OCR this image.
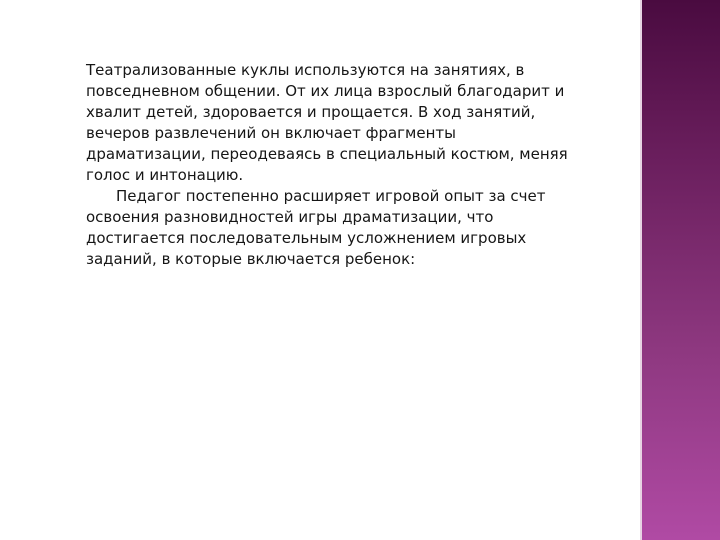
Театрализованные куклы используются на занятиях, в повседневном общении. От их лица взрослый благодарит и хвалит детей, здоровается и прощается. В ход занятий, вечеров развлечений он включает фрагменты драматизации, переодеваясь в специальный костюм, меняя голос и интонацию.

Педагог постепенно расширяет игровой опыт за счет освоения разновидностей игры драматизации, что достигается последовательным усложнением игровых заданий, в которые включается ребенок:
